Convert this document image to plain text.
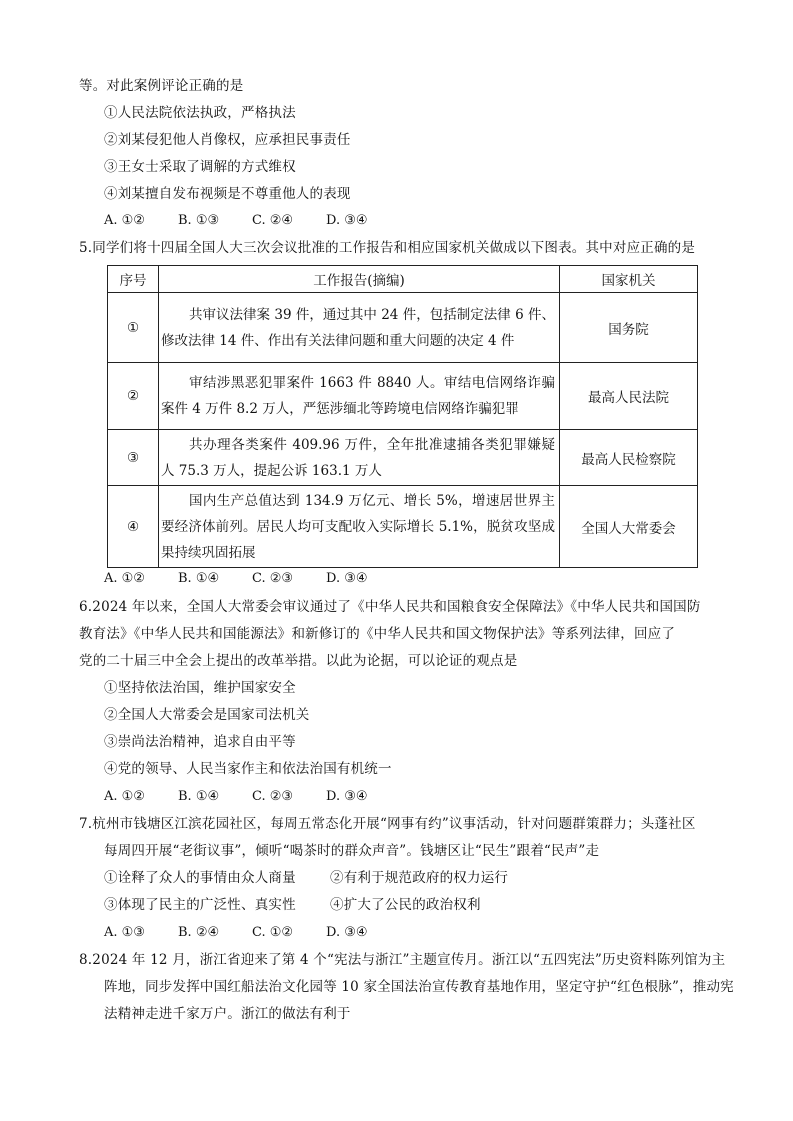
等。对此案例评论正确的是
①人民法院依法执政，严格执法
②刘某侵犯他人肖像权，应承担民事责任
③王女士采取了调解的方式维权
④刘某擅自发布视频是不尊重他人的表现
A. ①②	B. ①③	C. ②④	D. ③④
5.同学们将十四届全国人大三次会议批准的工作报告和相应国家机关做成以下图表。其中对应正确的是
序号	工作报告(摘编)	国家机关
①	共审议法律案 39 件，通过其中 24 件，包括制定法律 6 件、修改法律 14 件、作出有关法律问题和重大问题的决定 4 件	国务院
②	审结涉黑恶犯罪案件 1663 件 8840 人。审结电信网络诈骗案件 4 万件 8.2 万人，严惩涉缅北等跨境电信网络诈骗犯罪	最高人民法院
③	共办理各类案件 409.96 万件，全年批准逮捕各类犯罪嫌疑人 75.3 万人，提起公诉 163.1 万人	最高人民检察院
④	国内生产总值达到 134.9 万亿元、增长 5%，增速居世界主要经济体前列。居民人均可支配收入实际增长 5.1%，脱贫攻坚成果持续巩固拓展	全国人大常委会
A. ①②	B. ①④	C. ②③	D. ③④
6.2024 年以来，全国人大常委会审议通过了《中华人民共和国粮食安全保障法》《中华人民共和国国防
教育法》《中华人民共和国能源法》和新修订的《中华人民共和国文物保护法》等系列法律，回应了
党的二十届三中全会上提出的改革举措。以此为论据，可以论证的观点是
①坚持依法治国，维护国家安全
②全国人大常委会是国家司法机关
③崇尚法治精神，追求自由平等
④党的领导、人民当家作主和依法治国有机统一
A. ①②	B. ①④	C. ②③	D. ③④
7.杭州市钱塘区江滨花园社区，每周五常态化开展“网事有约”议事活动，针对问题群策群力；头蓬社区
每周四开展“老街议事”，倾听“喝茶时的群众声音”。钱塘区让“民生”跟着“民声”走
①诠释了众人的事情由众人商量	②有利于规范政府的权力运行
③体现了民主的广泛性、真实性	④扩大了公民的政治权利
A. ①③	B. ②④	C. ①②	D. ③④
8.2024 年 12 月，浙江省迎来了第 4 个“宪法与浙江”主题宣传月。浙江以“五四宪法”历史资料陈列馆为主
阵地，同步发挥中国红船法治文化园等 10 家全国法治宣传教育基地作用，坚定守护“红色根脉”，推动宪
法精神走进千家万户。浙江的做法有利于
